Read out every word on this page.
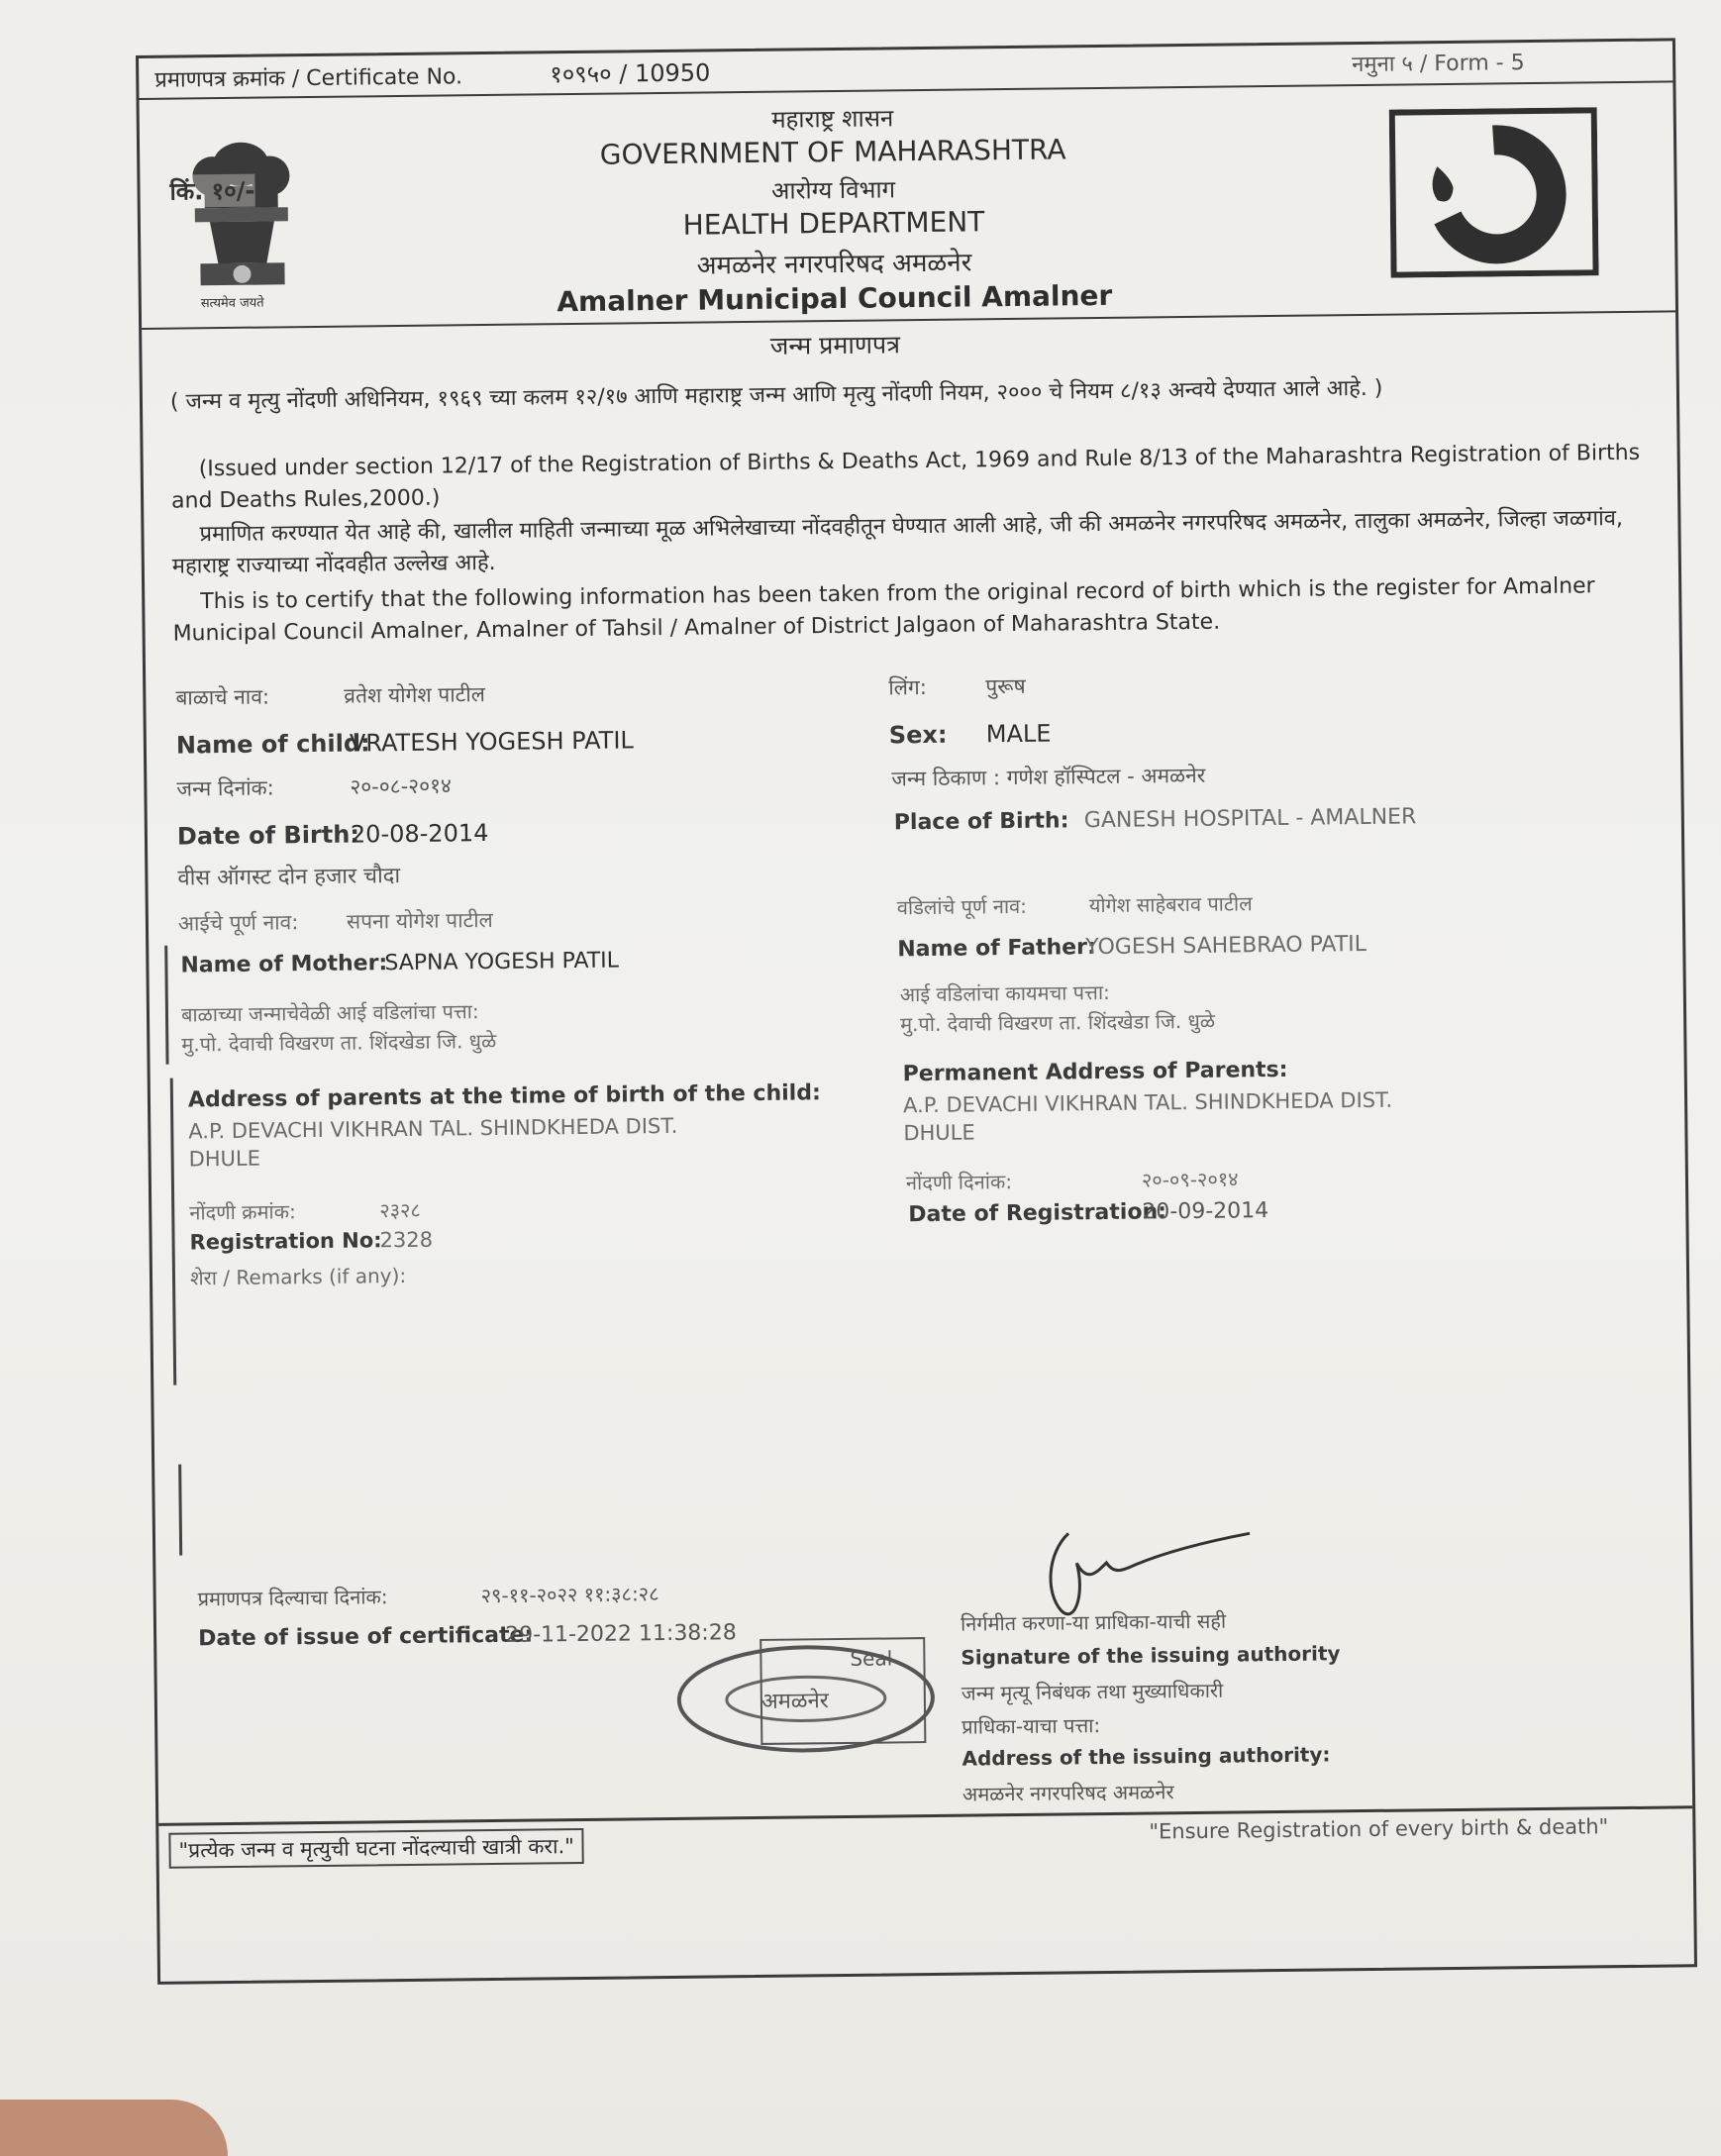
प्रमाणपत्र क्रमांक / Certificate No.	१०९५० / 10950	नमुना ५ / Form - 5
किं. १०/-
सत्यमेव जयते
महाराष्ट्र शासन
GOVERNMENT OF MAHARASHTRA
आरोग्य विभाग
HEALTH DEPARTMENT
अमळनेर नगरपरिषद अमळनेर
Amalner Municipal Council Amalner
जन्म प्रमाणपत्र
( जन्म व मृत्यु नोंदणी अधिनियम, १९६९ च्या कलम १२/१७ आणि महाराष्ट्र जन्म आणि मृत्यु नोंदणी नियम, २००० चे नियम ८/१३ अन्वये देण्यात आले आहे. )
(Issued under section 12/17 of the Registration of Births & Deaths Act, 1969 and Rule 8/13 of the Maharashtra Registration of Births and Deaths Rules,2000.)
प्रमाणित करण्यात येत आहे की, खालील माहिती जन्माच्या मूळ अभिलेखाच्या नोंदवहीतून घेण्यात आली आहे, जी की अमळनेर नगरपरिषद अमळनेर, तालुका अमळनेर, जिल्हा जळगांव, महाराष्ट्र राज्याच्या नोंदवहीत उल्लेख आहे.
This is to certify that the following information has been taken from the original record of birth which is the register for Amalner Municipal Council Amalner, Amalner of Tahsil / Amalner of District Jalgaon of Maharashtra State.
बाळाचे नाव:	व्रतेश योगेश पाटील
Name of child:
VRATESH YOGESH PATIL
जन्म दिनांक:	२०-०८-२०१४
Date of Birth:
20-08-2014
वीस ऑगस्ट दोन हजार चौदा
आईचे पूर्ण नाव: सपना योगेश पाटील
Name of Mother:
SAPNA YOGESH PATIL
बाळाच्या जन्माचेवेळी आई वडिलांचा पत्ता:
मु.पो. देवाची विखरण ता. शिंदखेडा जि. धुळे
Address of parents at the time of birth of the child:
A.P. DEVACHI VIKHRAN TAL. SHINDKHEDA DIST.
DHULE
नोंदणी क्रमांक:	२३२८
Registration No:
2328
शेरा / Remarks (if any):
लिंग:	पुरूष
Sex: MALE
जन्म ठिकाण : गणेश हॉस्पिटल - अमळनेर
Place of Birth: GANESH HOSPITAL - AMALNER
वडिलांचे पूर्ण नाव:	योगेश साहेबराव पाटील
Name of Father:
YOGESH SAHEBRAO PATIL
आई वडिलांचा कायमचा पत्ता:
मु.पो. देवाची विखरण ता. शिंदखेडा जि. धुळे
Permanent Address of Parents:
A.P. DEVACHI VIKHRAN TAL. SHINDKHEDA DIST.
DHULE
नोंदणी दिनांक:	२०-०९-२०१४
Date of Registration:
20-09-2014
प्रमाणपत्र दिल्याचा दिनांक:	२९-११-२०२२ ११:३८:२८
Date of issue of certificate:
29-11-2022 11:38:28
Seal
अमळनेर
निर्गमीत करणा-या प्राधिका-याची सही
Signature of the issuing authority
जन्म मृत्यू निबंधक तथा मुख्याधिकारी
प्राधिका-याचा पत्ता:
Address of the issuing authority:
अमळनेर नगरपरिषद अमळनेर
"प्रत्येक जन्म व मृत्युची घटना नोंदल्याची खात्री करा."
"Ensure Registration of every birth & death"
